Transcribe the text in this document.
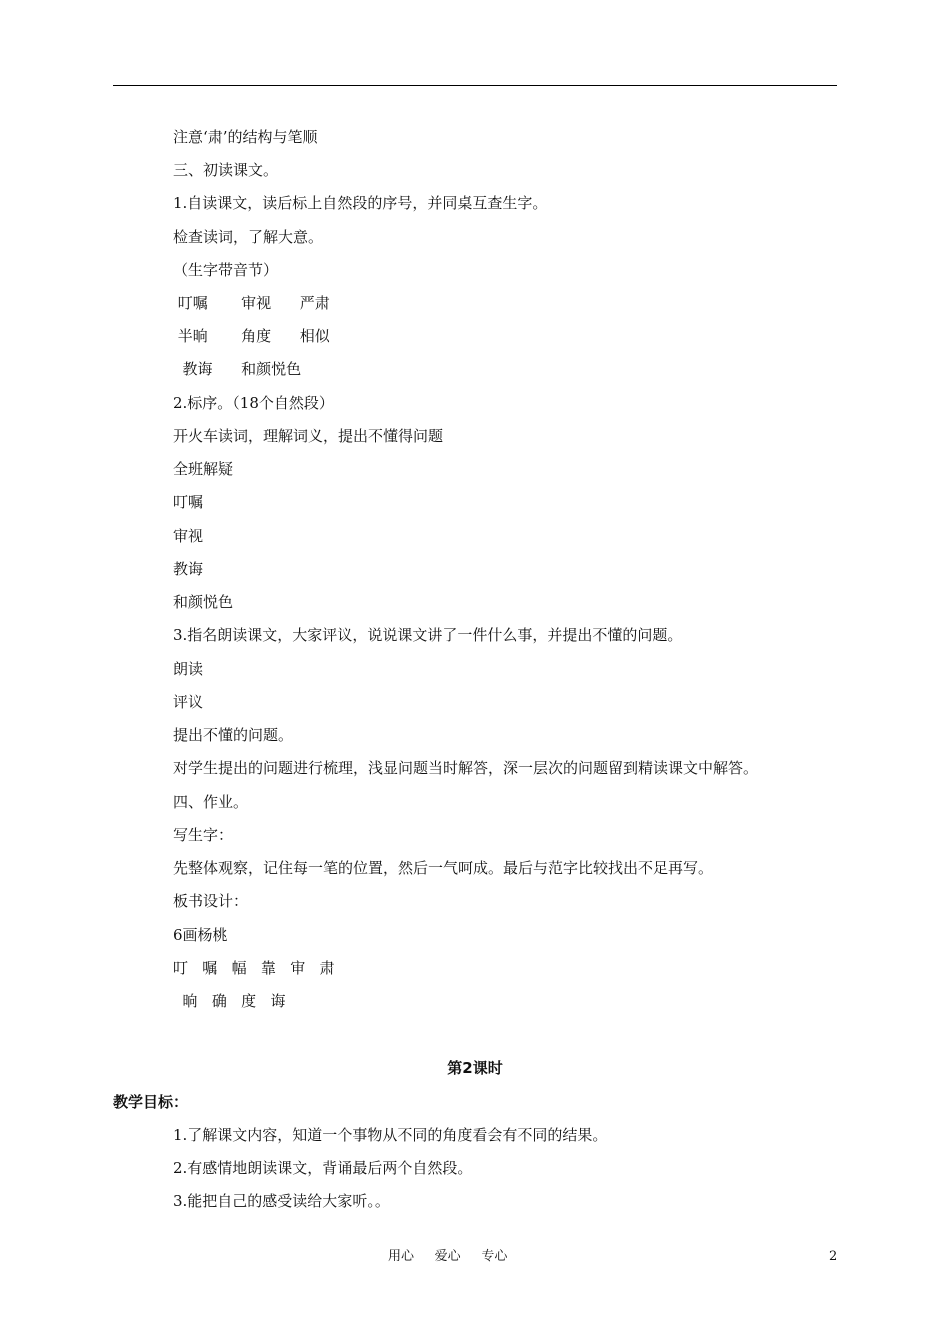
注意‘肃’的结构与笔顺
三、初读课文。
1.自读课文，读后标上自然段的序号，并同桌互查生字。
检查读词，了解大意。
（生字带音节）
叮嘱       审视      严肃
半晌       角度      相似
教诲      和颜悦色
2.标序。（18个自然段）
开火车读词，理解词义，提出不懂得问题
全班解疑
叮嘱
审视
教诲
和颜悦色
3.指名朗读课文，大家评议，说说课文讲了一件什么事，并提出不懂的问题。
朗读
评议
提出不懂的问题。
对学生提出的问题进行梳理，浅显问题当时解答，深一层次的问题留到精读课文中解答。
四、作业。
写生字：
先整体观察，记住每一笔的位置，然后一气呵成。最后与范字比较找出不足再写。
板书设计：
6画杨桃
叮   嘱   幅   靠   审   肃
晌   确   度   诲
第2课时
教学目标：
1.了解课文内容，知道一个事物从不同的角度看会有不同的结果。
2.有感情地朗读课文，背诵最后两个自然段。
3.能把自己的感受读给大家听。。
用心     爱心     专心	2
